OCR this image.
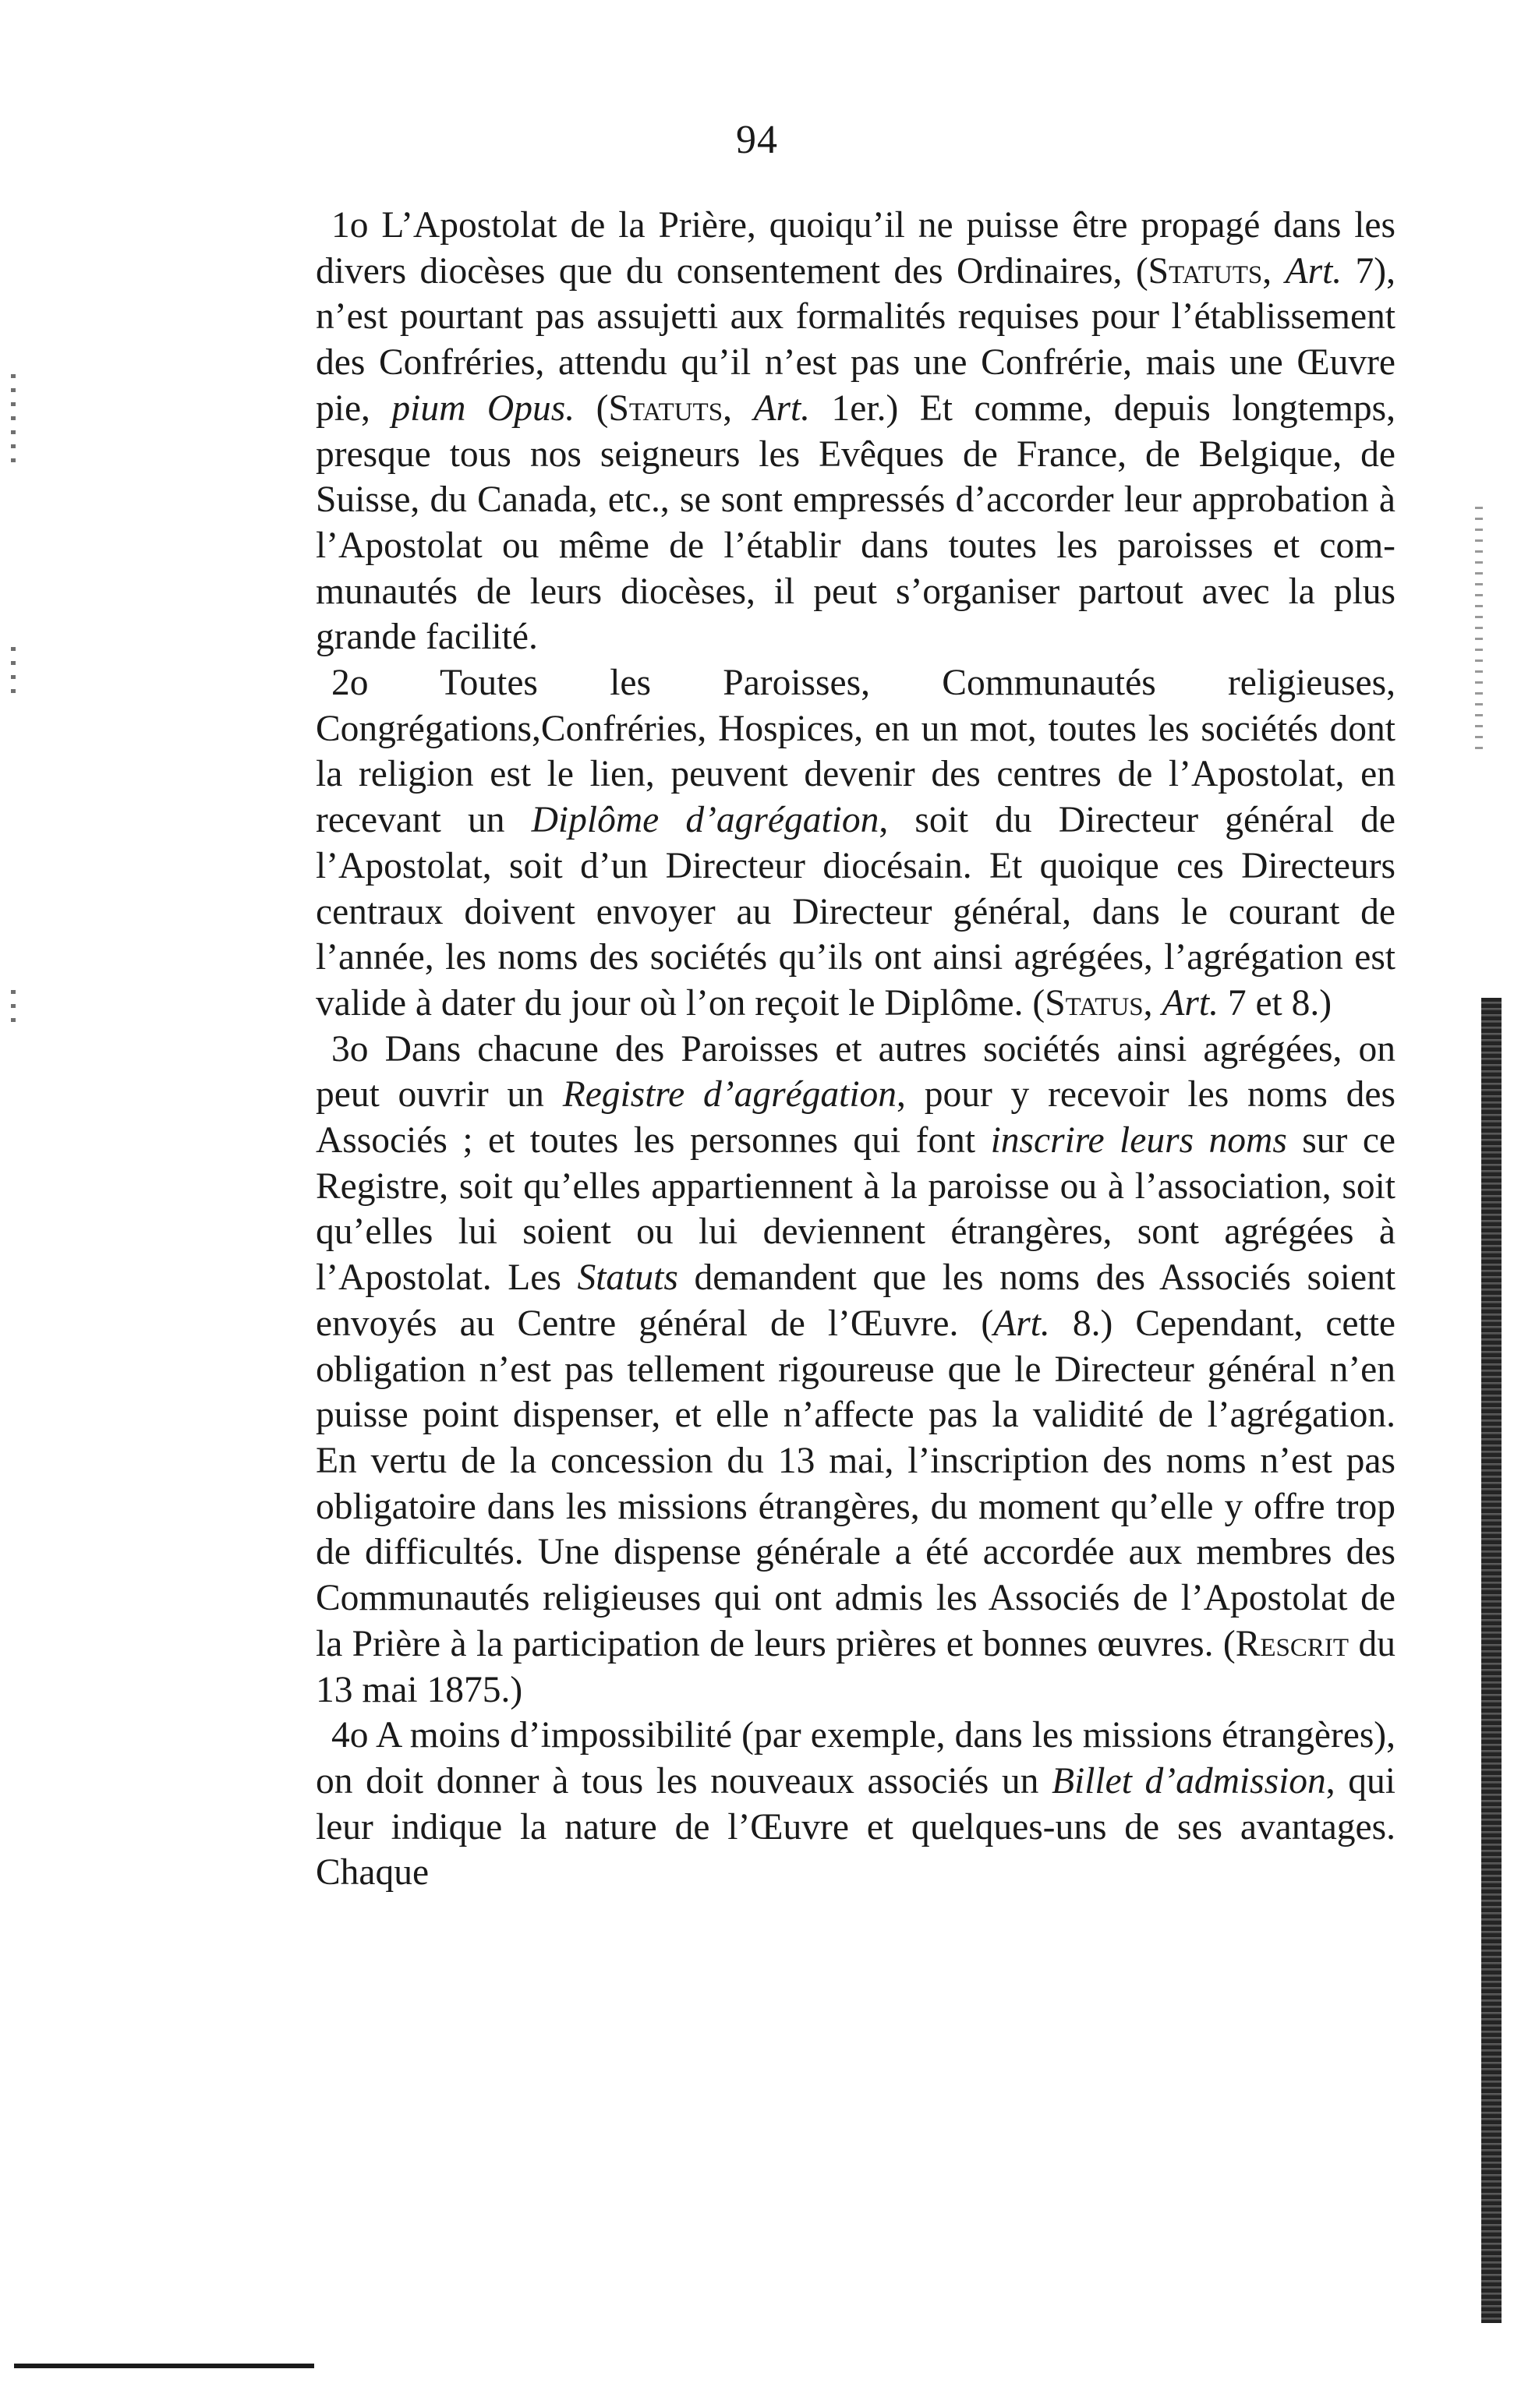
94

1o L’Apostolat de la Prière, quoiqu’il ne puisse être propagé dans les divers diocèses que du consentement des Ordinaires, (Statuts, Art. 7), n’est pourtant pas assujetti aux formalités requises pour l’établissement des Confréries, attendu qu’il n’est pas une Confrérie, mais une Œuvre pie, pium Opus. (Statuts, Art. 1er.) Et comme, depuis longtemps, presque tous nos seigneurs les Evêques de France, de Belgique, de Suisse, du Canada, etc., se sont empressés d’accorder leur approbation à l’Apostolat ou même de l’établir dans toutes les paroisses et communautés de leurs diocèses, il peut s’organiser partout avec la plus grande facilité.

2o Toutes les Paroisses, Communautés religieuses, Congrégations,Confréries, Hospices, en un mot, toutes les sociétés dont la religion est le lien, peuvent devenir des centres de l’Apostolat, en recevant un Diplôme d’agrégation, soit du Directeur général de l’Apostolat, soit d’un Directeur diocésain. Et quoique ces Directeurs centraux doivent envoyer au Directeur général, dans le courant de l’année, les noms des sociétés qu’ils ont ainsi agrégées, l’agrégation est valide à dater du jour où l’on reçoit le Diplôme. (Status, Art. 7 et 8.)

3o Dans chacune des Paroisses et autres sociétés ainsi agrégées, on peut ouvrir un Registre d’agrégation, pour y recevoir les noms des Associés ; et toutes les personnes qui font inscrire leurs noms sur ce Registre, soit qu’elles appartiennent à la paroisse ou à l’association, soit qu’elles lui soient ou lui deviennent étrangères, sont agrégées à l’Apostolat. Les Statuts demandent que les noms des Associés soient envoyés au Centre général de l’Œuvre. (Art. 8.) Cependant, cette obligation n’est pas tellement rigoureuse que le Directeur général n’en puisse point dispenser, et elle n’affecte pas la validité de l’agrégation. En vertu de la concession du 13 mai, l’inscription des noms n’est pas obligatoire dans les missions étrangères, du moment qu’elle y offre trop de difficultés. Une dispense générale a été accordée aux membres des Communautés religieuses qui ont admis les Associés de l’Apostolat de la Prière à la participation de leurs prières et bonnes œuvres. (Rescrit du 13 mai 1875.)

4o A moins d’impossibilité (par exemple, dans les missions étrangères), on doit donner à tous les nouveaux associés un Billet d’admission, qui leur indique la nature de l’Œuvre et quelques-uns de ses avantages. Chaque
